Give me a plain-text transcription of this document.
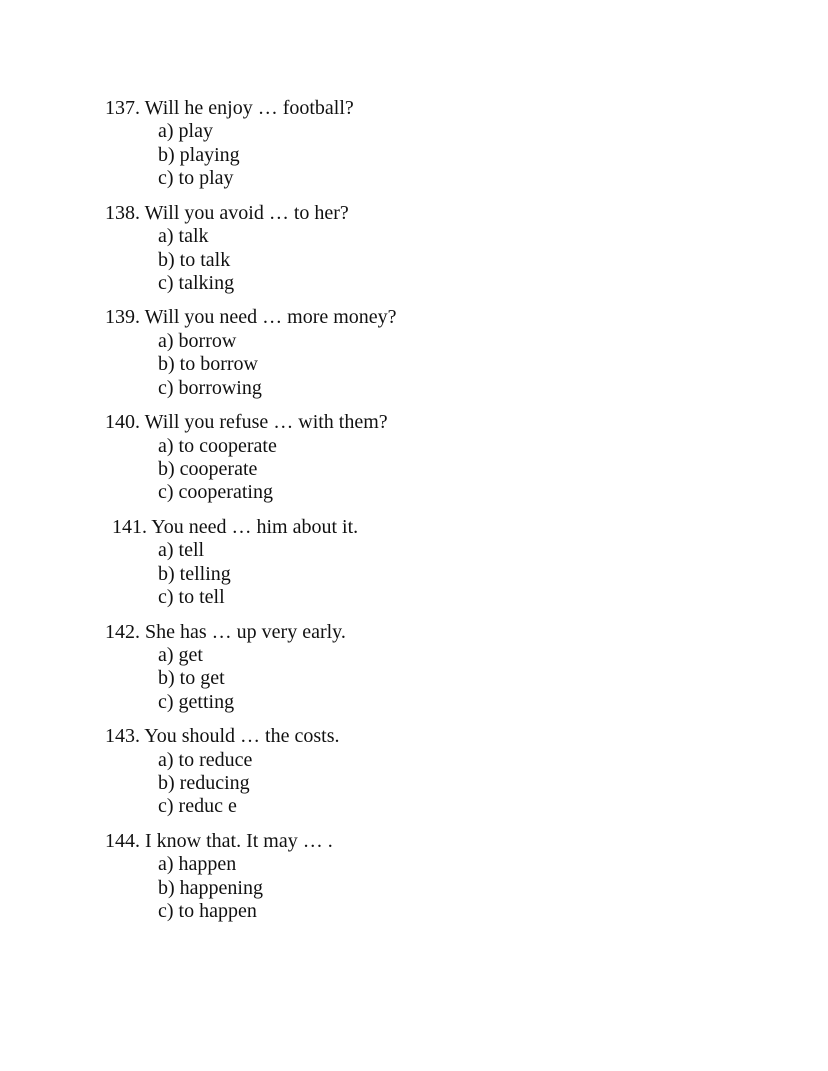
137. Will he enjoy … football?
a) play
b) playing
c) to play
138. Will you avoid … to her?
a) talk
b) to talk
c) talking
139. Will you need … more money?
a) borrow
b) to borrow
c) borrowing
140. Will you refuse … with them?
a) to cooperate
b) cooperate
c) cooperating
141. You need … him about it.
a) tell
b) telling
c) to tell
142. She has … up very early.
a) get
b) to get
c) getting
143. You should … the costs.
a) to reduce
b) reducing
c) reduc e
144. I know that. It may … .
a) happen
b) happening
c) to happen
